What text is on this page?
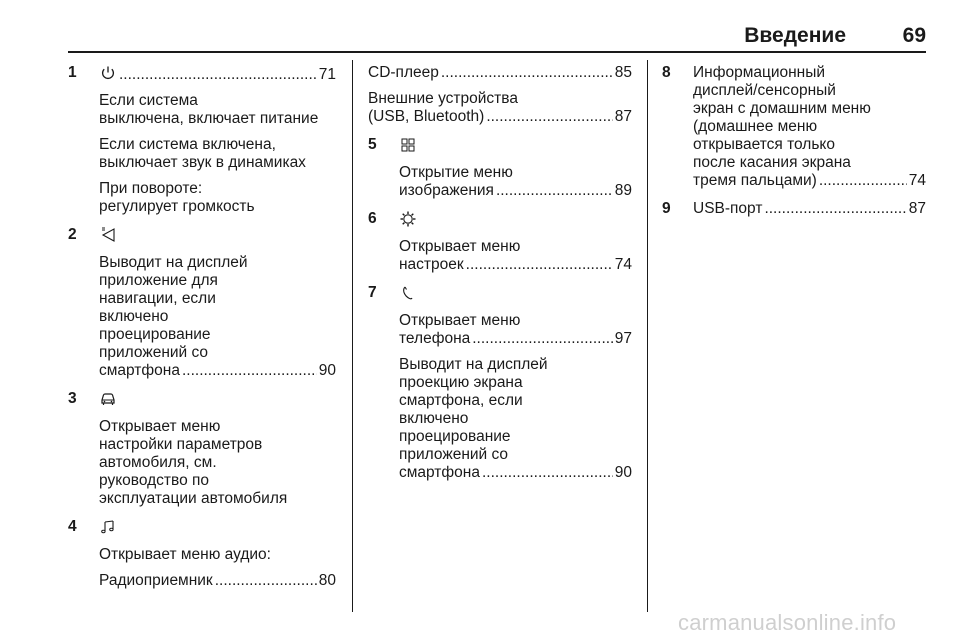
Введение	69
1 .....	71
Если система
выключена, включает питание
Если система включена,
выключает звук в динамиках
При повороте:
регулирует громкость
2
Выводит на дисплей
приложение для
навигации, если
включено
проецирование
приложений со
смартфона .....	90
3
Открывает меню
настройки параметров
автомобиля, см.
руководство по
эксплуатации автомобиля
4
Открывает меню аудио:
Радиоприемник .....	80
CD-плеер .....	85
Внешние устройства
(USB, Bluetooth) .....	87
5
Открытие меню
изображения .....	89
6
Открывает меню
настроек .....	74
7
Открывает меню
телефона .....	97
Выводит на дисплей
проекцию экрана
смартфона, если
включено
проецирование
приложений со
смартфона .....	90
8	Информационный
дисплей/сенсорный
экран с домашним меню
(домашнее меню
открывается только
после касания экрана
тремя пальцами) .....	74
9	USB-порт .....	87
carmanualsonline.info
